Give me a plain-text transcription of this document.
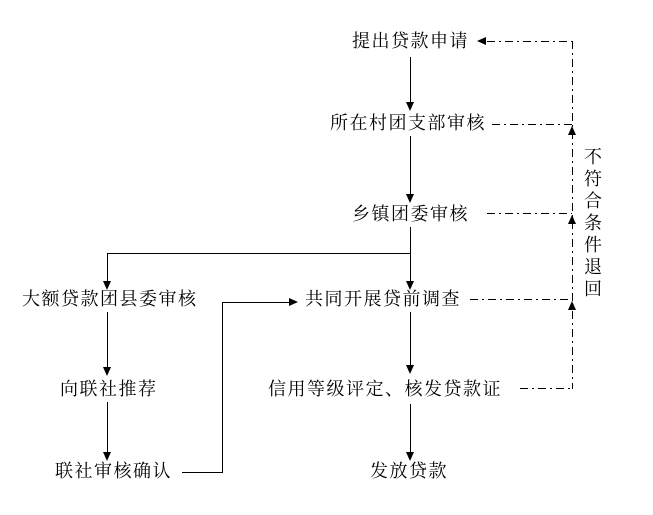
提出贷款申请
所在村团支部审核
乡镇团委审核
大额贷款团县委审核	共同开展贷前调查
向联社推荐	信用等级评定、核发贷款证
联社审核确认	发放贷款
不符合条件退回
